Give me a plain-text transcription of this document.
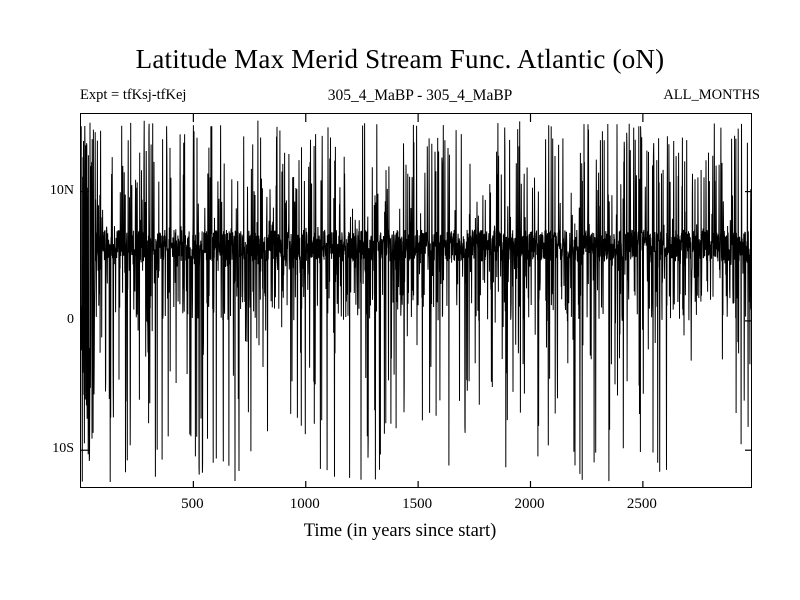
Latitude Max Merid Stream Func. Atlantic (oN)
Expt = tfKsj-tfKej	305_4_MaBP - 305_4_MaBP	ALL_MONTHS
10S
0
10N
500	1000	1500	2000	2500
Time (in years since start)
